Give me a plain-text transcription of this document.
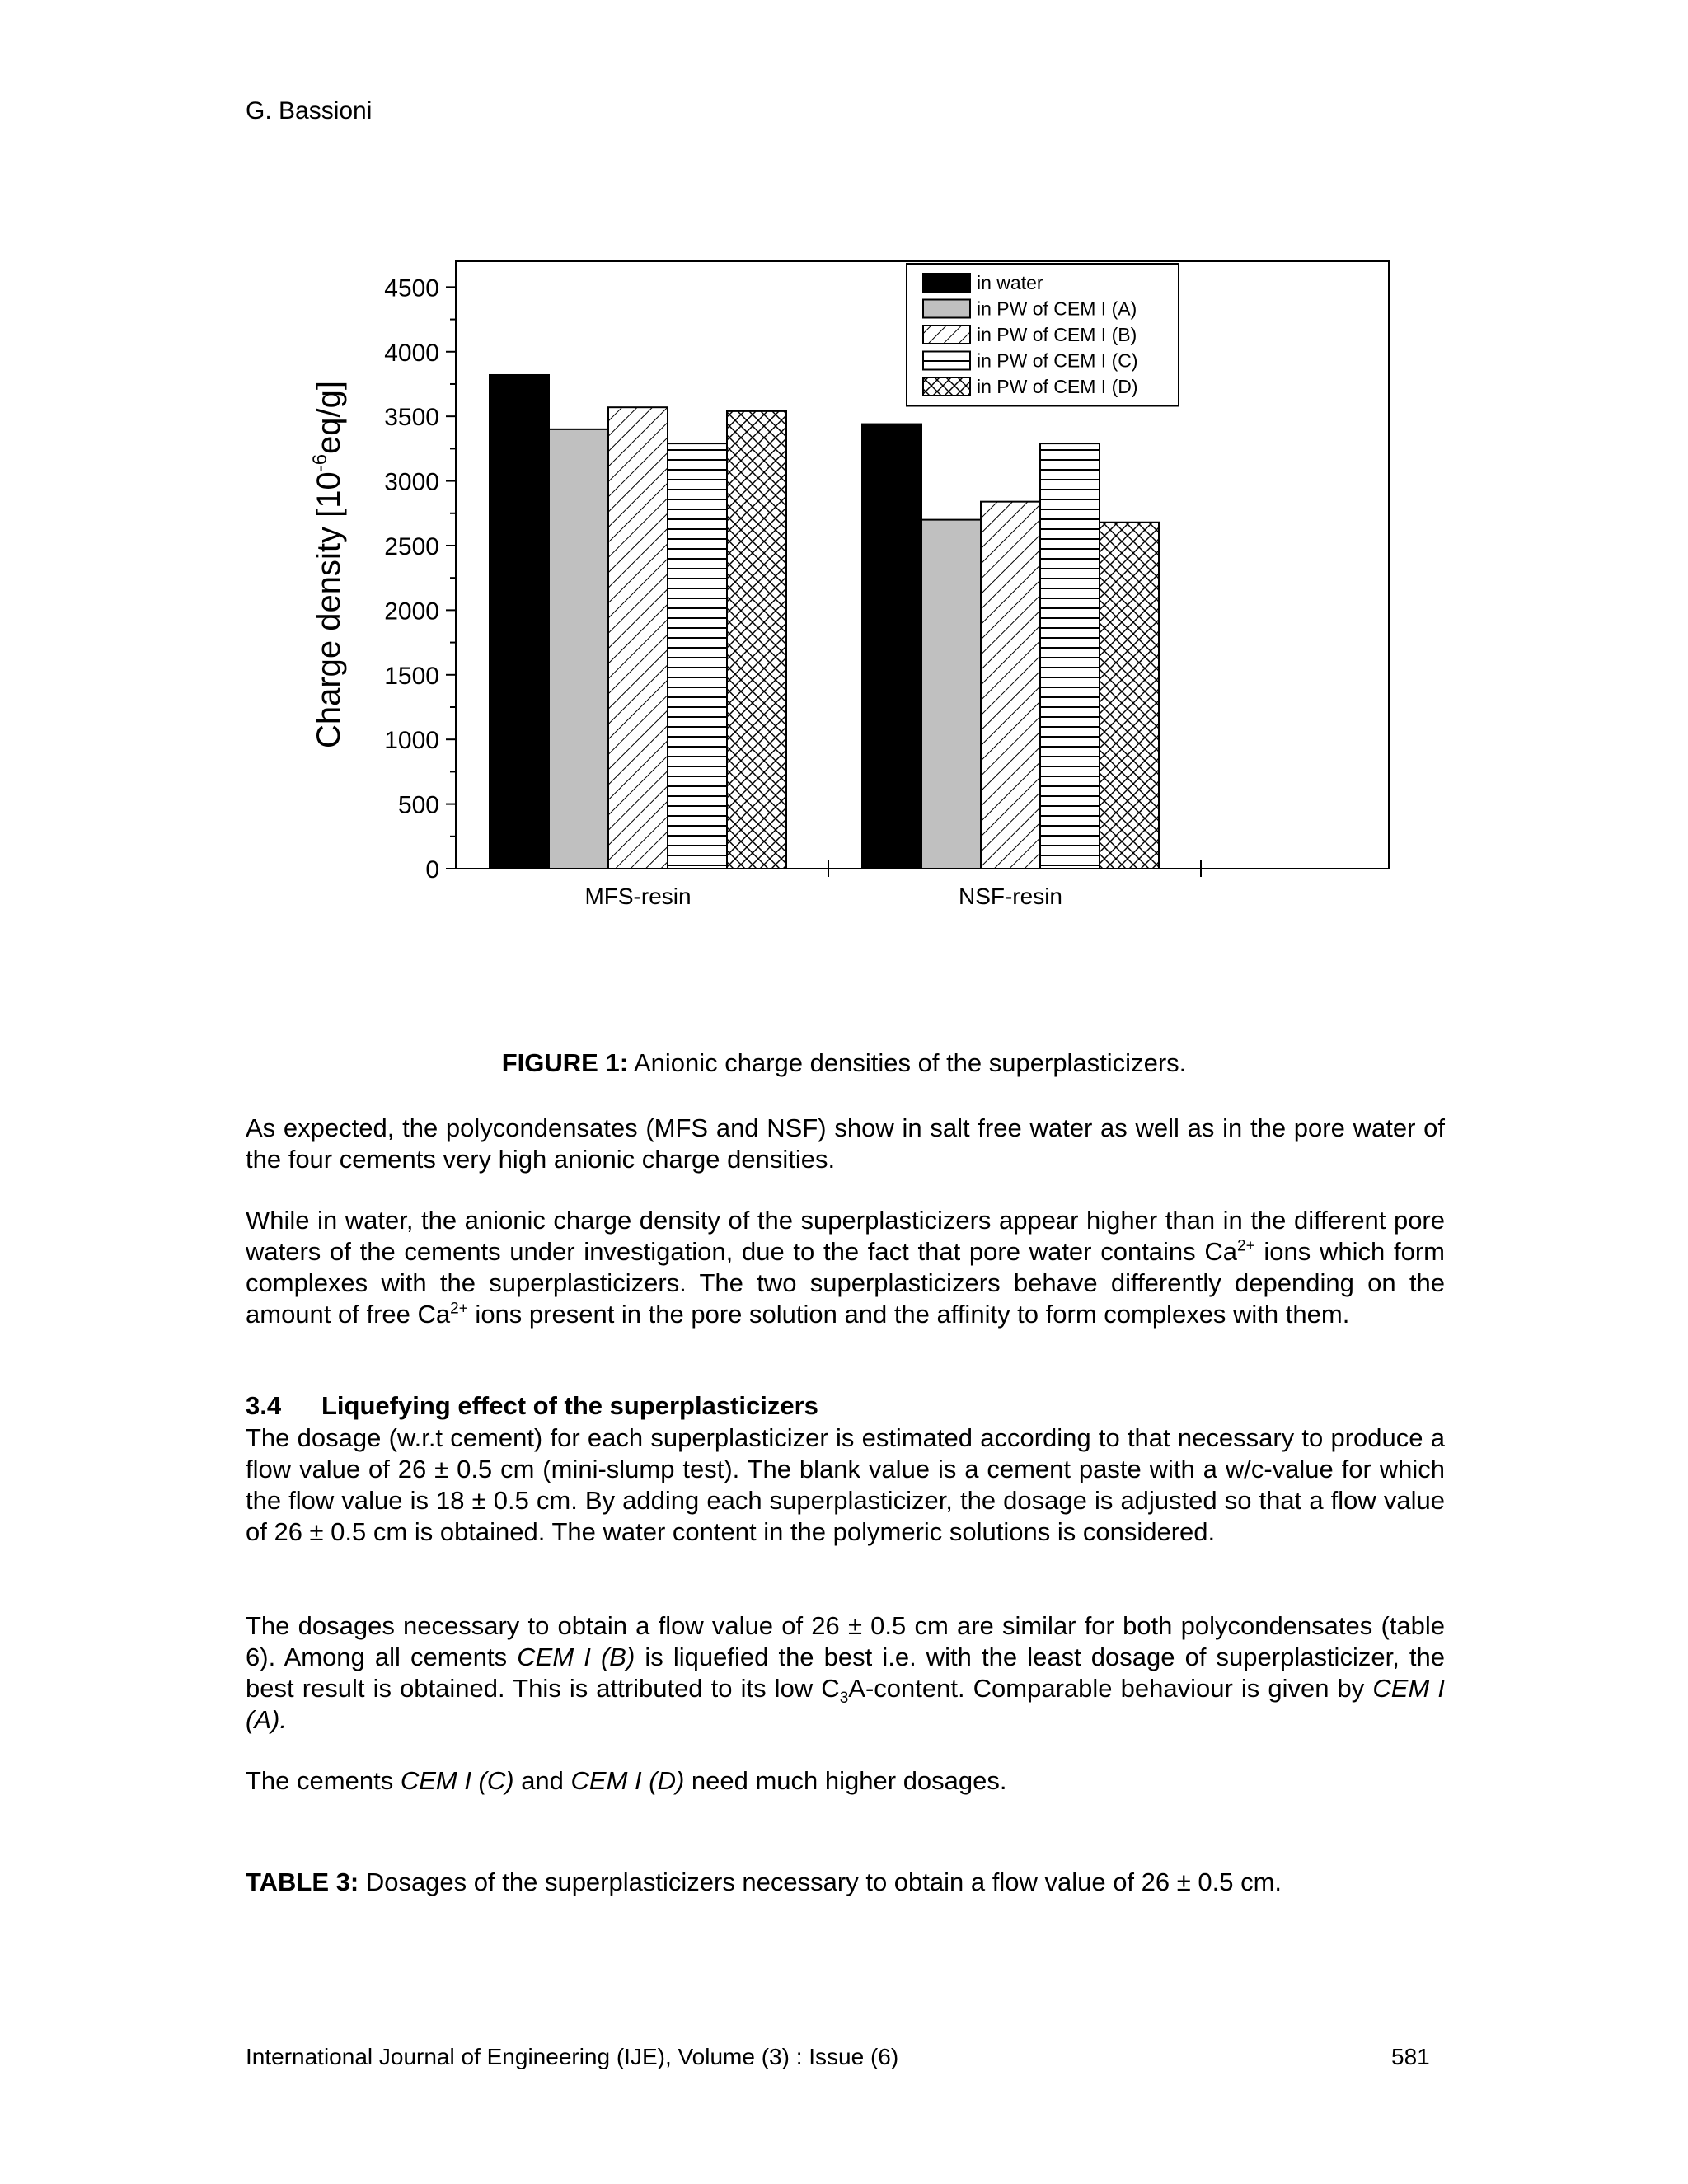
G. Bassioni
0
500
1000
1500
2000
2500
3000
3500
4000
4500
MFS-resin	NSF-resin
in water
in PW of CEM I (A)
in PW of CEM I (B)
in PW of CEM I (C)
in PW of CEM I (D)
Charge density $[10^{-6}eq/g]$
FIGURE 1: Anionic charge densities of the superplasticizers.

As expected, the polycondensates (MFS and NSF) show in salt free water as well as in the pore water of the four cements very high anionic charge densities.

While in water, the anionic charge density of the superplasticizers appear higher than in the different pore waters of the cements under investigation, due to the fact that pore water contains $Ca^{2+}$ ions which form complexes with the superplasticizers. The two superplasticizers behave differently depending on the amount of free $Ca^{2+}$ ions present in the pore solution and the affinity to form complexes with them.

3.4 Liquefying effect of the superplasticizers

The dosage (w.r.t cement) for each superplasticizer is estimated according to that necessary to produce a flow value of 26 ± 0.5 cm (mini-slump test). The blank value is a cement paste with a w/c-value for which the flow value is 18 ± 0.5 cm. By adding each superplasticizer, the dosage is adjusted so that a flow value of 26 ± 0.5 cm is obtained. The water content in the polymeric solutions is considered.

The dosages necessary to obtain a flow value of 26 ± 0.5 cm are similar for both polycondensates (table 6). Among all cements CEM I (B) is liquefied the best i.e. with the least dosage of superplasticizer, the best result is obtained. This is attributed to its low $C_3A$-content. Comparable behaviour is given by CEM I (A).

The cements CEM I (C) and CEM I (D) need much higher dosages.

TABLE 3: Dosages of the superplasticizers necessary to obtain a flow value of 26 ± 0.5 cm.
International Journal of Engineering (IJE), Volume (3) : Issue (6)	581
